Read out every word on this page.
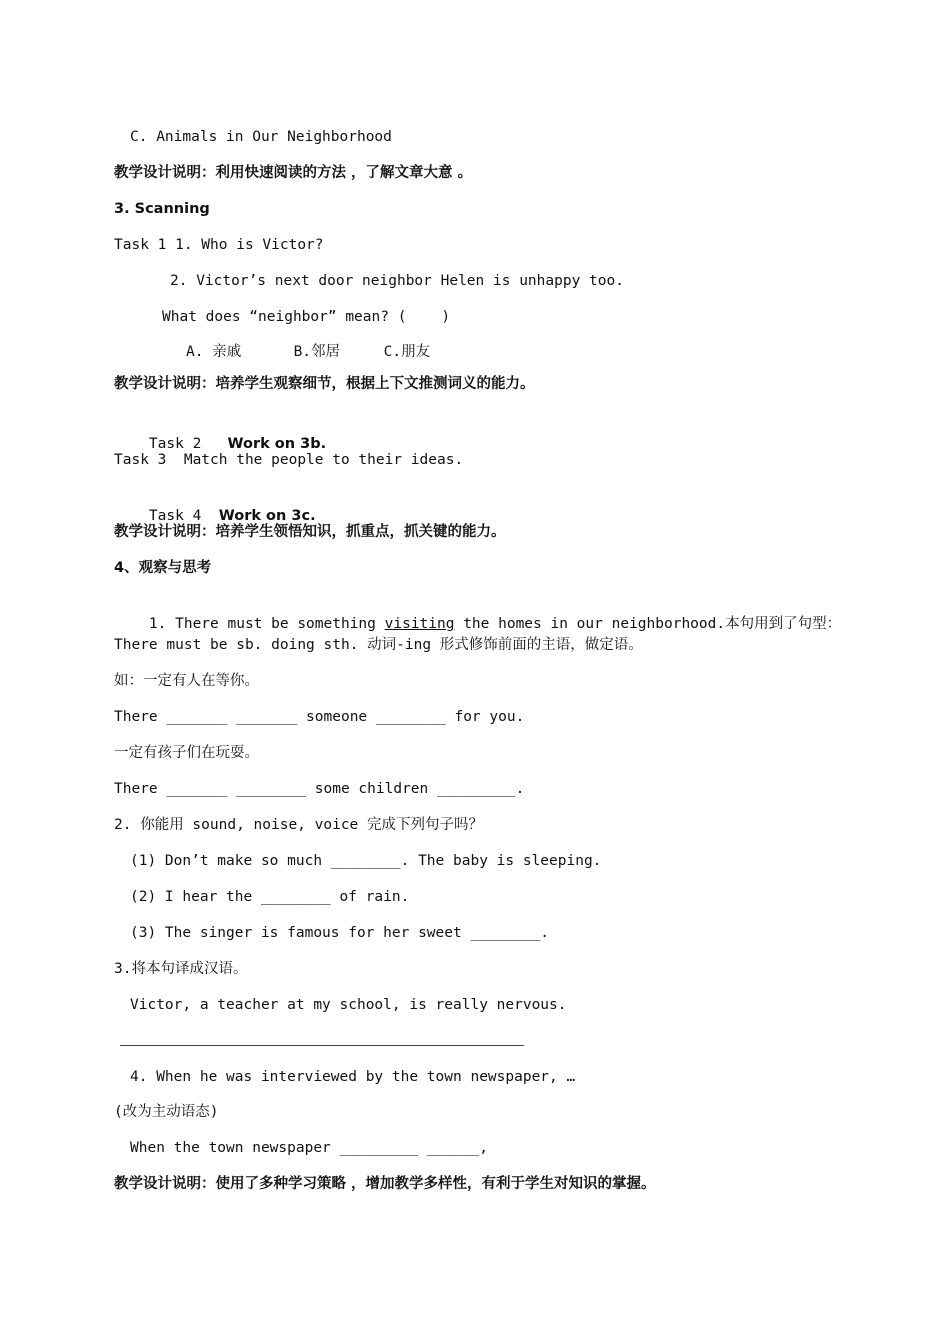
C. Animals in Our Neighborhood
教学设计说明：利用快速阅读的方法 ，了解文章大意 。
3. Scanning
Task 1 1. Who is Victor?
2. Victor’s next door neighbor Helen is unhappy too.
What does “neighbor” mean? (    )
A. 亲戚      B.邻居     C.朋友
教学设计说明：培养学生观察细节，根据上下文推测词义的能力。

Task 2   Work on 3b.

Task 3  Match the people to their ideas.

Task 4  Work on 3c.

教学设计说明：培养学生领悟知识，抓重点，抓关键的能力。
4、观察与思考

1. There must be something visiting the homes in our neighborhood.本句用到了句型：

There must be sb. doing sth. 动词-ing 形式修饰前面的主语，做定语。
如：一定有人在等你。
There _______ _______ someone ________ for you.
一定有孩子们在玩耍。
There _______ ________ some children _________.
2. 你能用 sound, noise, voice 完成下列句子吗？
(1) Don’t make so much ________. The baby is sleeping.
(2) I hear the ________ of rain.
(3) The singer is famous for her sweet ________.
3.将本句译成汉语。
Victor, a teacher at my school, is really nervous.
4. When he was interviewed by the town newspaper, …
(改为主动语态)
When the town newspaper _________ ______,
教学设计说明：使用了多种学习策略 ，增加教学多样性，有利于学生对知识的掌握。
